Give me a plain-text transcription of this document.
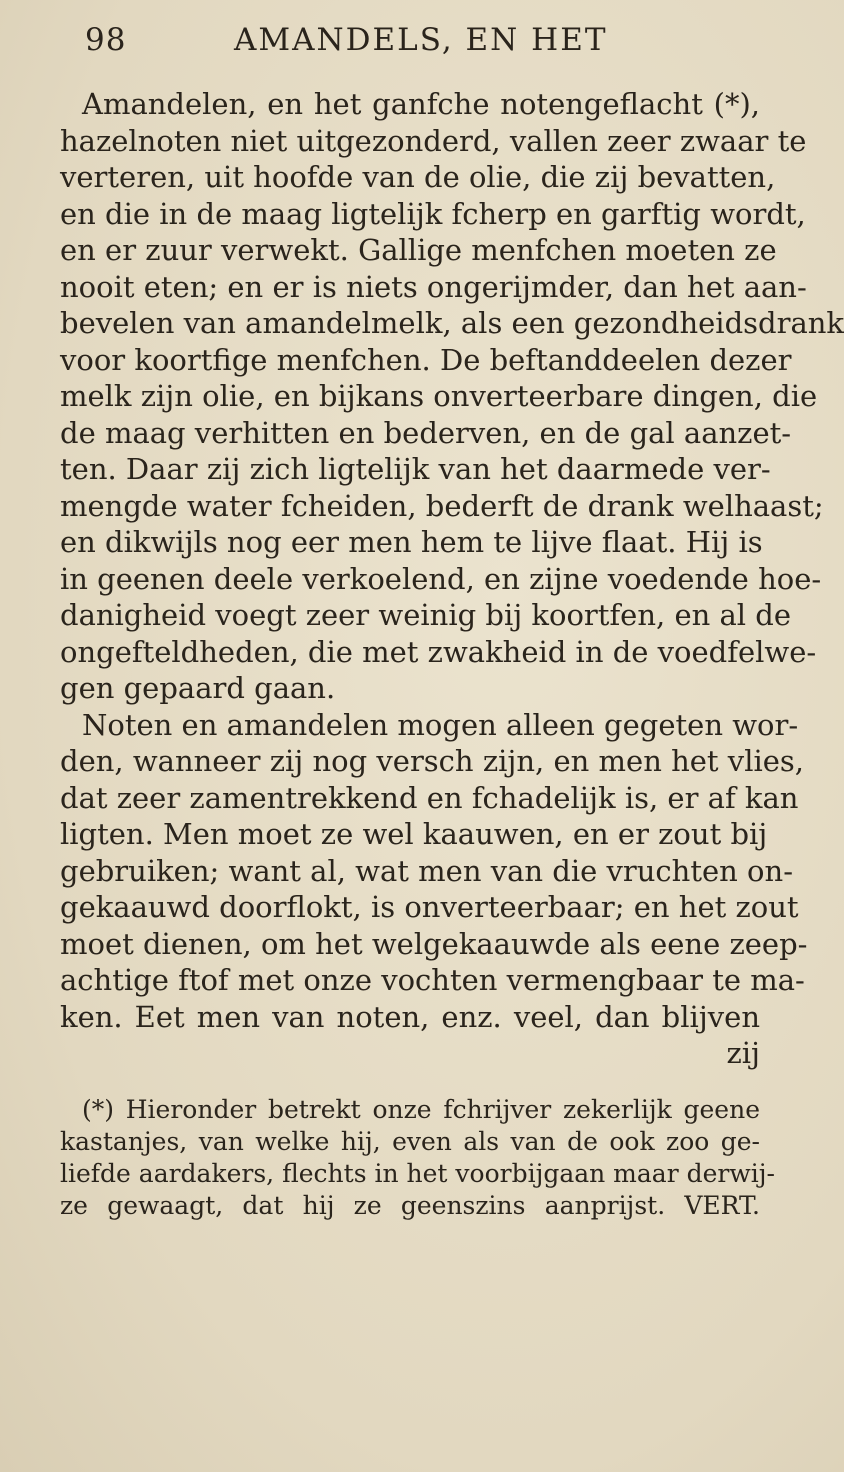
98	AMANDELS, EN HET
Amandelen, en het ganfche notengeflacht (*),
hazelnoten niet uitgezonderd, vallen zeer zwaar te
verteren, uit hoofde van de olie, die zij bevatten,
en die in de maag ligtelijk fcherp en garftig wordt,
en er zuur verwekt. Gallige menfchen moeten ze
nooit eten; en er is niets ongerijmder, dan het aan-
bevelen van amandelmelk, als een gezondheidsdrank
voor koortfige menfchen. De beftanddeelen dezer
melk zijn olie, en bijkans onverteerbare dingen, die
de maag verhitten en bederven, en de gal aanzet-
ten. Daar zij zich ligtelijk van het daarmede ver-
mengde water fcheiden, bederft de drank welhaast;
en dikwijls nog eer men hem te lijve flaat. Hij is
in geenen deele verkoelend, en zijne voedende hoe-
danigheid voegt zeer weinig bij koortfen, en al de
ongefteldheden, die met zwakheid in de voedfelwe-
gen gepaard gaan.
Noten en amandelen mogen alleen gegeten wor-
den, wanneer zij nog versch zijn, en men het vlies,
dat zeer zamentrekkend en fchadelijk is, er af kan
ligten. Men moet ze wel kaauwen, en er zout bij
gebruiken; want al, wat men van die vruchten on-
gekaauwd doorflokt, is onverteerbaar; en het zout
moet dienen, om het welgekaauwde als eene zeep-
achtige ftof met onze vochten vermengbaar te ma-
ken. Eet men van noten, enz. veel, dan blijven
zij
(*) Hieronder betrekt onze fchrijver zekerlijk geene
kastanjes, van welke hij, even als van de ook zoo ge-
liefde aardakers, flechts in het voorbijgaan maar derwij-
ze gewaagt, dat hij ze geenszins aanprijst. VERT.
